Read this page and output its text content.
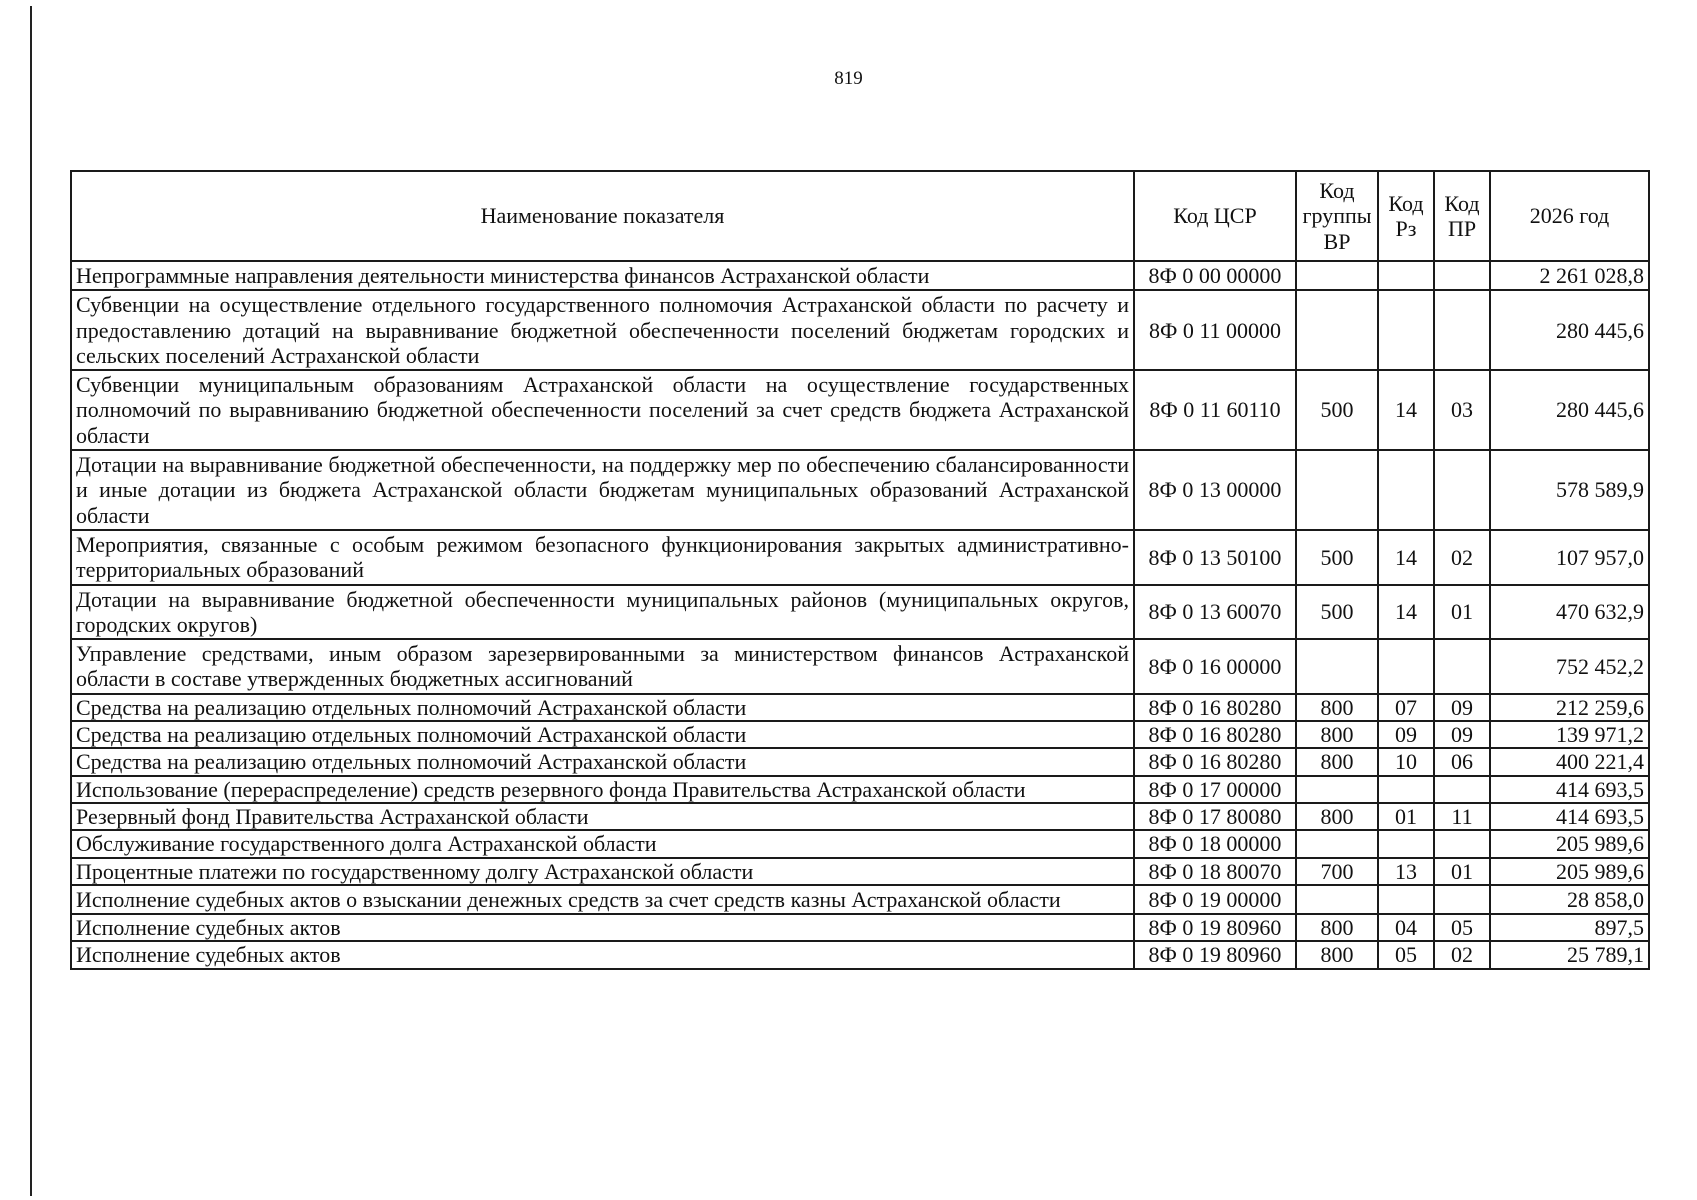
819
Наименование показателя	Код ЦСР	Код группы ВР	Код Рз	Код ПР	2026 год
Непрограммные направления деятельности министерства финансов Астраханской области	8Ф 0 00 00000				2 261 028,8
Субвенции на осуществление отдельного государственного полномочия Астраханской области по расчету и предоставлению дотаций на выравнивание бюджетной обеспеченности поселений бюджетам городских и сельских поселений Астраханской области	8Ф 0 11 00000				280 445,6
Субвенции муниципальным образованиям Астраханской области на осуществление государственных полномочий по выравниванию бюджетной обеспеченности поселений за счет средств бюджета Астраханской области	8Ф 0 11 60110	500	14	03	280 445,6
Дотации на выравнивание бюджетной обеспеченности, на поддержку мер по обеспечению сбалансированности и иные дотации из бюджета Астраханской области бюджетам муниципальных образований Астраханской области	8Ф 0 13 00000				578 589,9
Мероприятия, связанные с особым режимом безопасного функционирования закрытых административно-территориальных образований	8Ф 0 13 50100	500	14	02	107 957,0
Дотации на выравнивание бюджетной обеспеченности муниципальных районов (муниципальных округов, городских округов)	8Ф 0 13 60070	500	14	01	470 632,9
Управление средствами, иным образом зарезервированными за министерством финансов Астраханской области в составе утвержденных бюджетных ассигнований	8Ф 0 16 00000				752 452,2
Средства на реализацию отдельных полномочий Астраханской области	8Ф 0 16 80280	800	07	09	212 259,6
Средства на реализацию отдельных полномочий Астраханской области	8Ф 0 16 80280	800	09	09	139 971,2
Средства на реализацию отдельных полномочий Астраханской области	8Ф 0 16 80280	800	10	06	400 221,4
Использование (перераспределение) средств резервного фонда Правительства Астраханской области	8Ф 0 17 00000				414 693,5
Резервный фонд Правительства Астраханской области	8Ф 0 17 80080	800	01	11	414 693,5
Обслуживание государственного долга Астраханской области	8Ф 0 18 00000				205 989,6
Процентные платежи по государственному долгу Астраханской области	8Ф 0 18 80070	700	13	01	205 989,6
Исполнение судебных актов о взыскании денежных средств за счет средств казны Астраханской области	8Ф 0 19 00000				28 858,0
Исполнение судебных актов	8Ф 0 19 80960	800	04	05	897,5
Исполнение судебных актов	8Ф 0 19 80960	800	05	02	25 789,1
